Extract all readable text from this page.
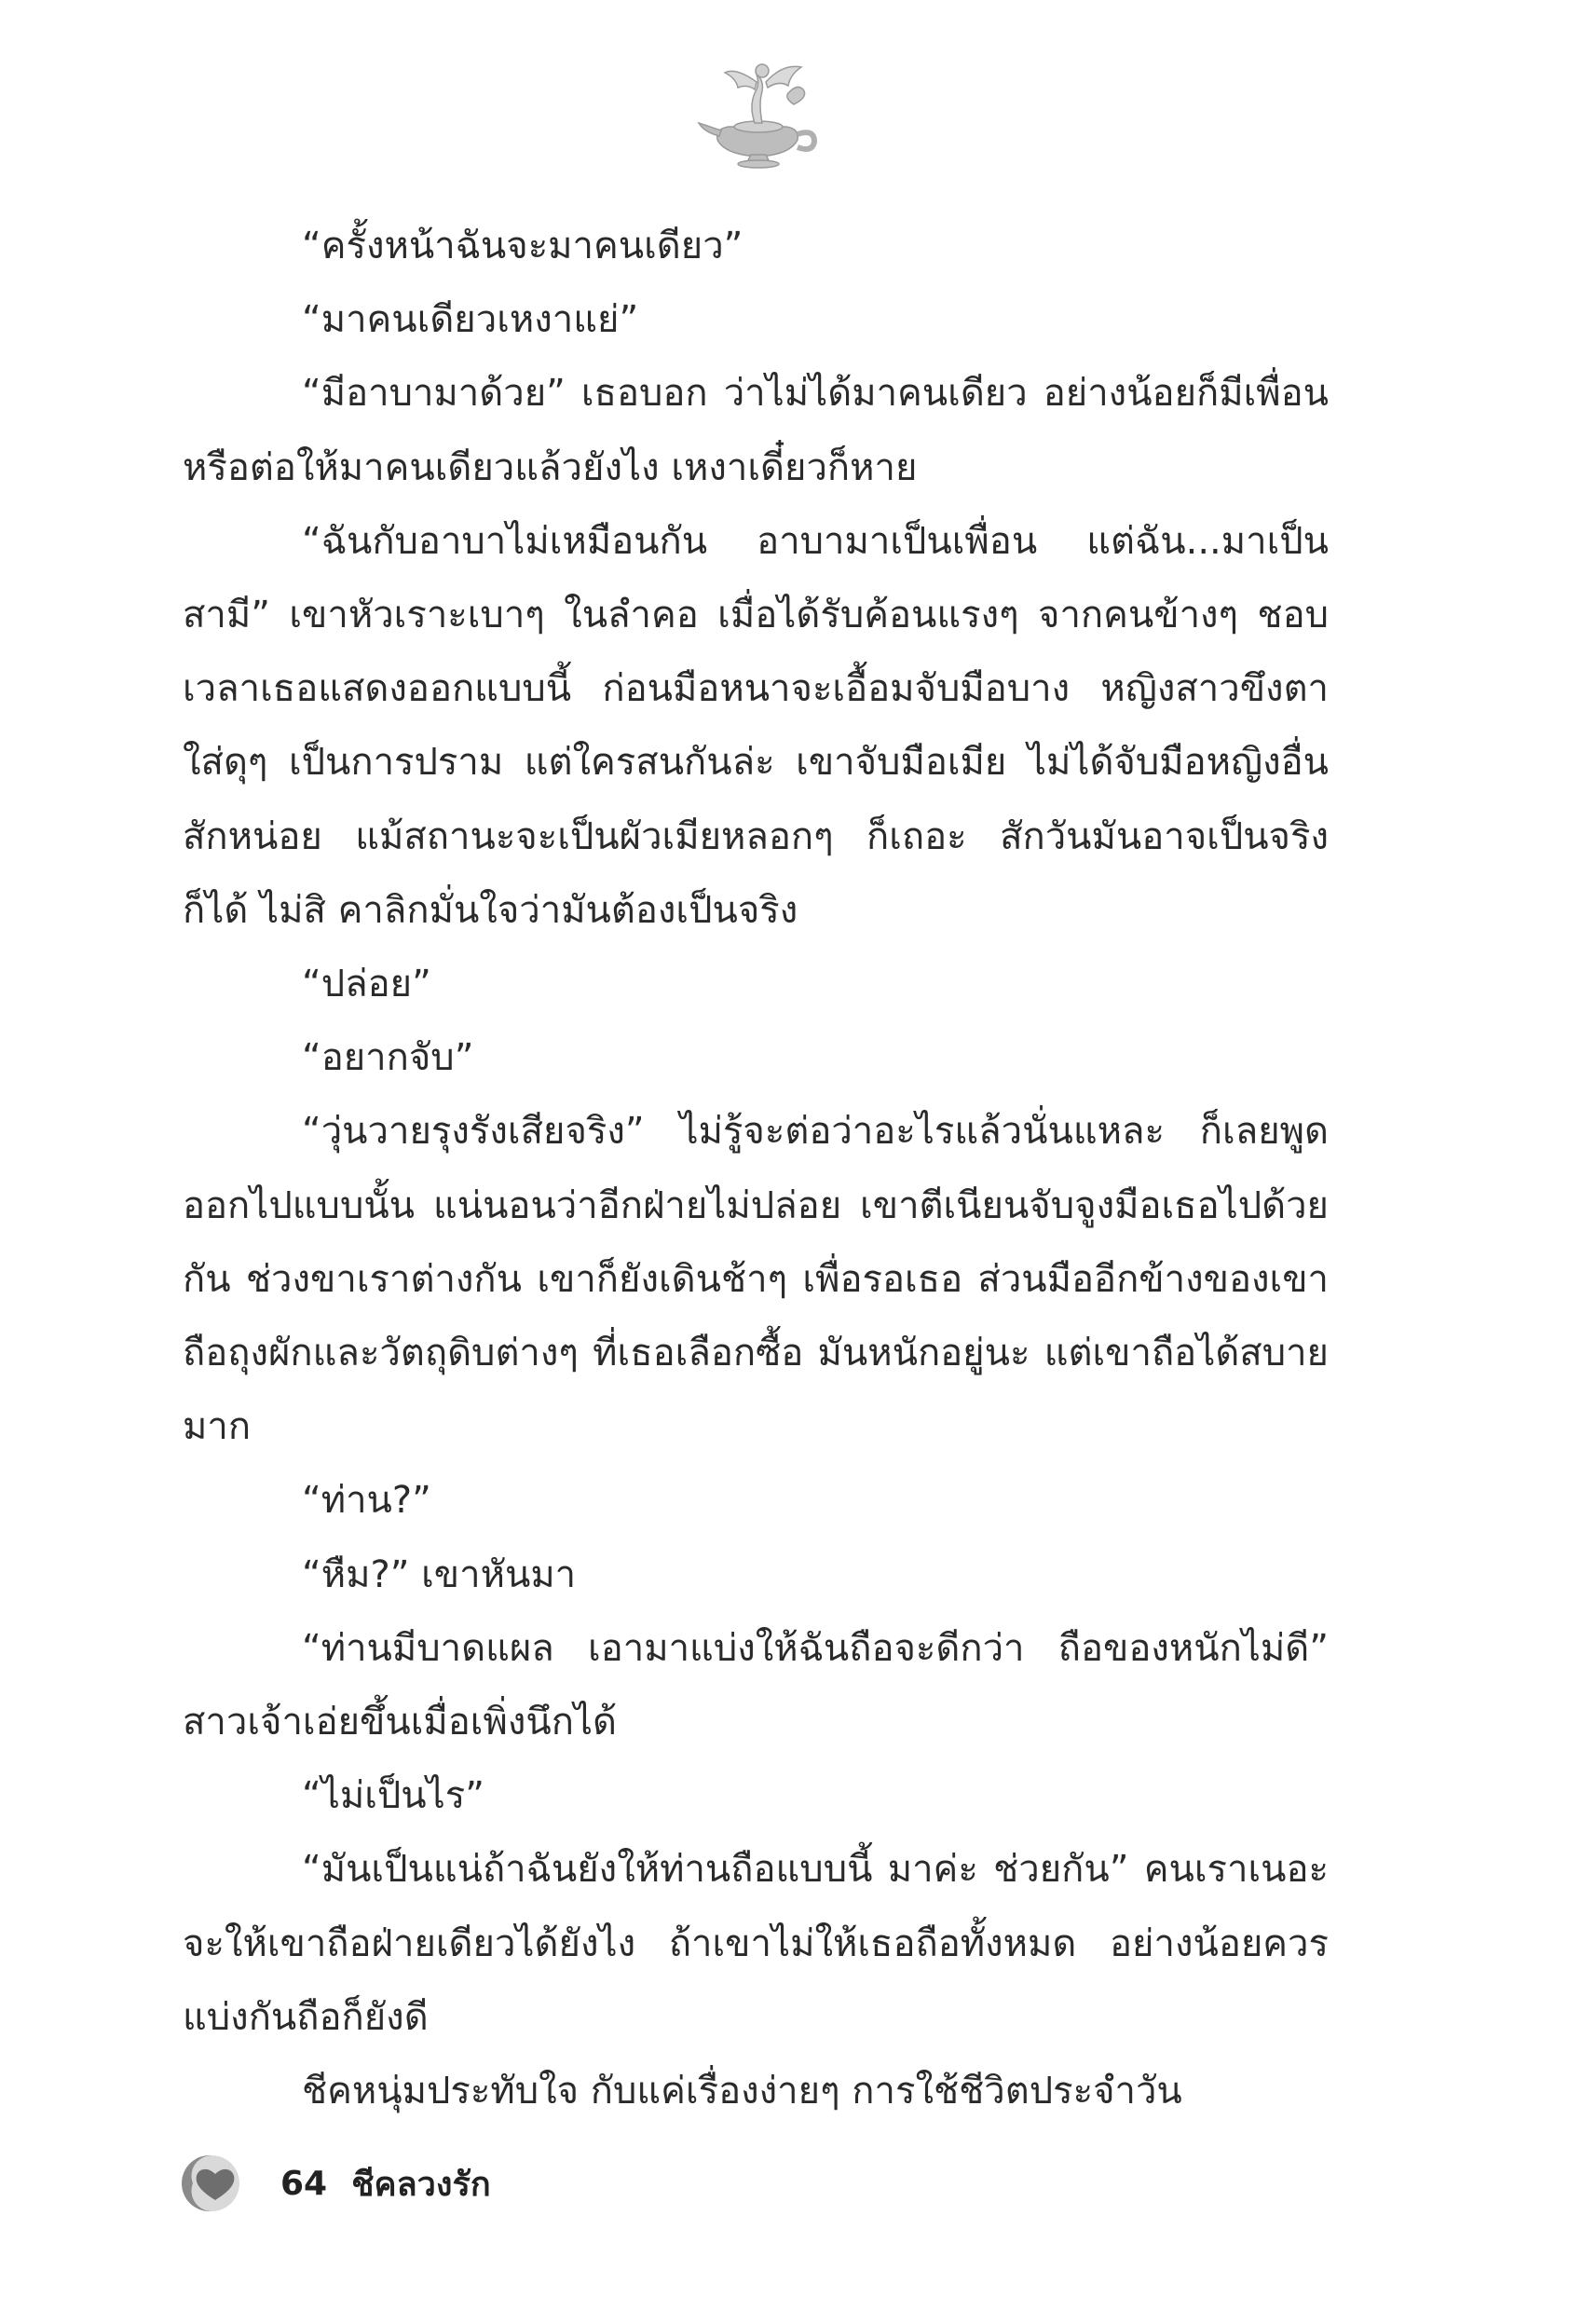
“ครั้งหน้าฉันจะมาคนเดียว”

“มาคนเดียวเหงาแย่”

“มีอาบามาด้วย” เธอบอก ว่าไม่ได้มาคนเดียว อย่างน้อยก็มีเพื่อน หรือต่อให้มาคนเดียวแล้วยังไง เหงาเดี๋ยวก็หาย

“ฉันกับอาบาไม่เหมือนกัน อาบามาเป็นเพื่อน แต่ฉัน...มาเป็นสามี” เขาหัวเราะเบาๆ ในลำคอ เมื่อได้รับค้อนแรงๆ จากคนข้างๆ ชอบเวลาเธอแสดงออกแบบนี้ ก่อนมือหนาจะเอื้อมจับมือบาง หญิงสาวขึงตาใส่ดุๆ เป็นการปราม แต่ใครสนกันล่ะ เขาจับมือเมีย ไม่ได้จับมือหญิงอื่นสักหน่อย แม้สถานะจะเป็นผัวเมียหลอกๆ ก็เถอะ สักวันมันอาจเป็นจริงก็ได้ ไม่สิ คาลิกมั่นใจว่ามันต้องเป็นจริง

“ปล่อย”

“อยากจับ”

“วุ่นวายรุงรังเสียจริง” ไม่รู้จะต่อว่าอะไรแล้วนั่นแหละ ก็เลยพูดออกไปแบบนั้น แน่นอนว่าอีกฝ่ายไม่ปล่อย เขาตีเนียนจับจูงมือเธอไปด้วยกัน ช่วงขาเราต่างกัน เขาก็ยังเดินช้าๆ เพื่อรอเธอ ส่วนมืออีกข้างของเขาถือถุงผักและวัตถุดิบต่างๆ ที่เธอเลือกซื้อ มันหนักอยู่นะ แต่เขาถือได้สบายมาก

“ท่าน?”

“หืม?” เขาหันมา

“ท่านมีบาดแผล เอามาแบ่งให้ฉันถือจะดีกว่า ถือของหนักไม่ดี” สาวเจ้าเอ่ยขึ้นเมื่อเพิ่งนึกได้

“ไม่เป็นไร”

“มันเป็นแน่ถ้าฉันยังให้ท่านถือแบบนี้ มาค่ะ ช่วยกัน” คนเราเนอะ จะให้เขาถือฝ่ายเดียวได้ยังไง ถ้าเขาไม่ให้เธอถือทั้งหมด อย่างน้อยควรแบ่งกันถือก็ยังดี

ชีคหนุ่มประทับใจ กับแค่เรื่องง่ายๆ การใช้ชีวิตประจำวัน

64 ชีคลวงรัก
